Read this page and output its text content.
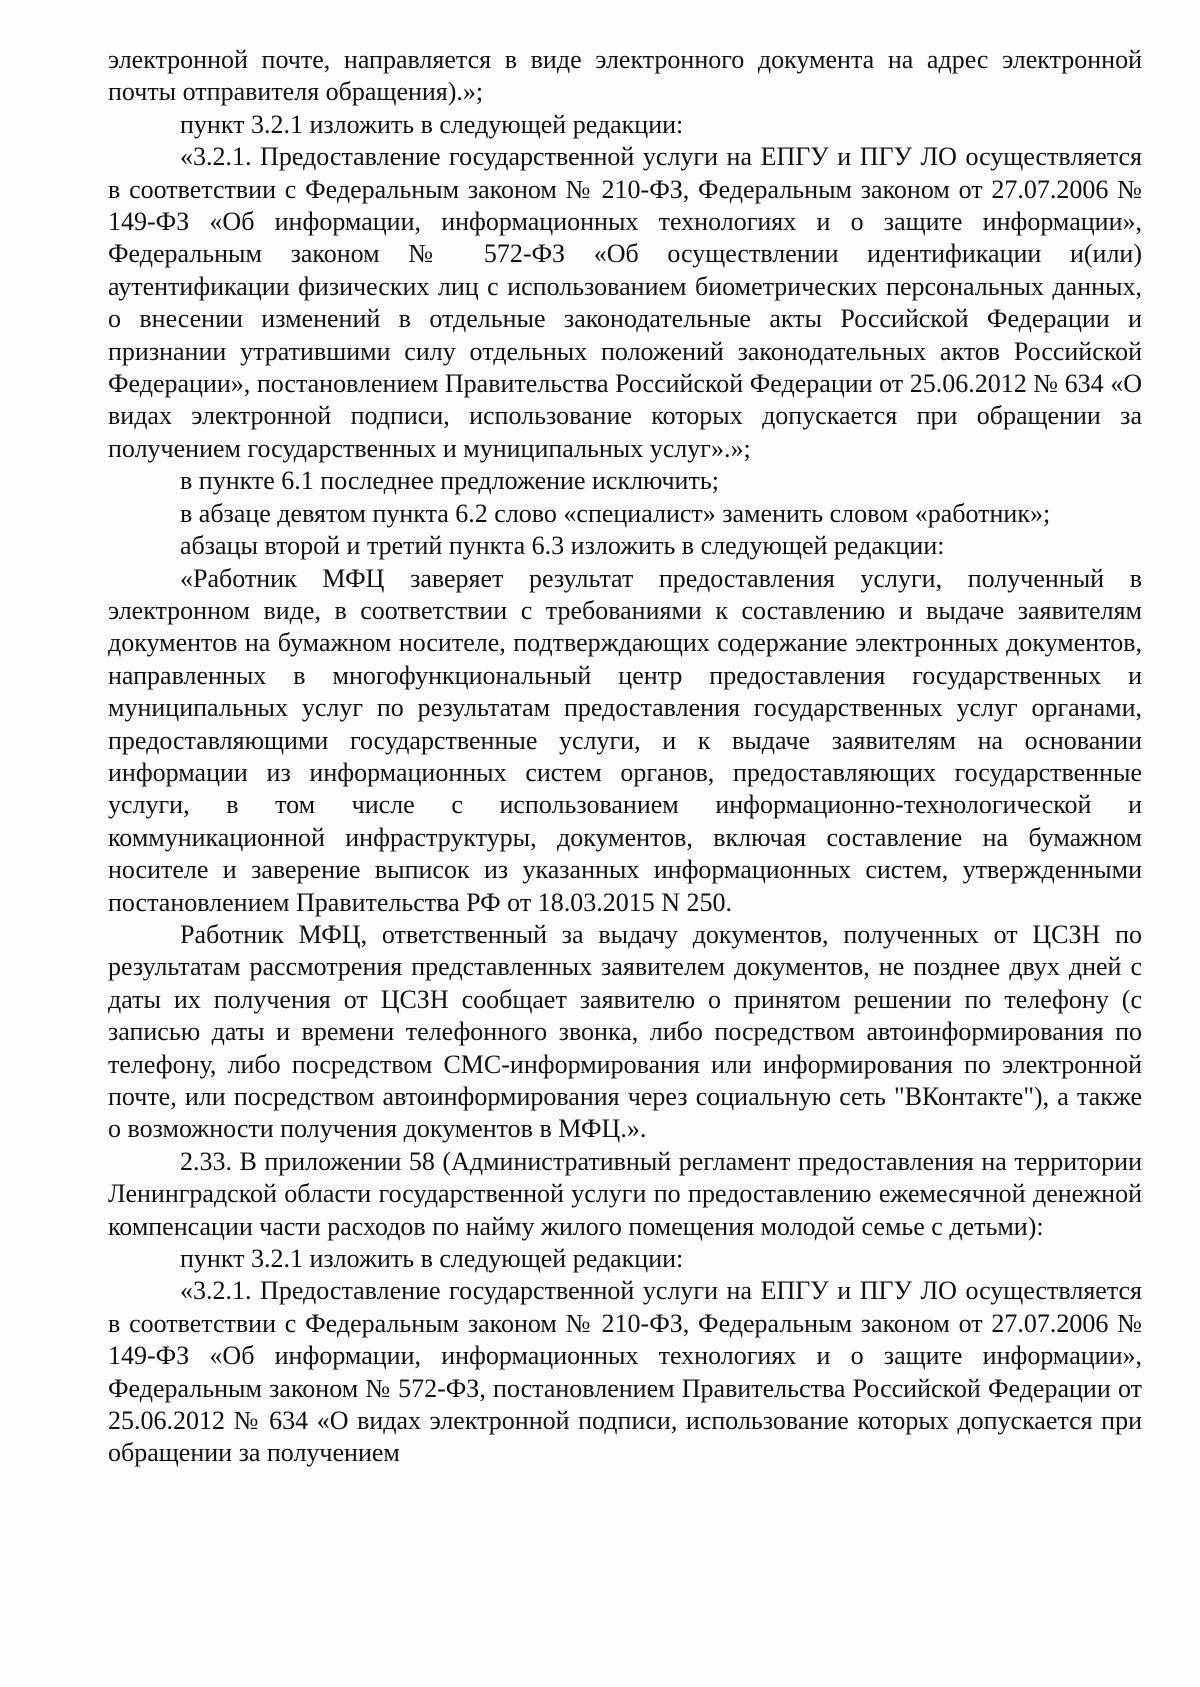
электронной почте, направляется в виде электронного документа на адрес электронной почты отправителя обращения).»;

пункт 3.2.1 изложить в следующей редакции:

«3.2.1. Предоставление государственной услуги на ЕПГУ и ПГУ ЛО осуществляется в соответствии с Федеральным законом № 210-ФЗ, Федеральным законом от 27.07.2006 № 149-ФЗ «Об информации, информационных технологиях и о защите информации», Федеральным законом № 572-ФЗ «Об осуществлении идентификации и(или) аутентификации физических лиц с использованием биометрических персональных данных, о внесении изменений в отдельные законодательные акты Российской Федерации и признании утратившими силу отдельных положений законодательных актов Российской Федерации», постановлением Правительства Российской Федерации от 25.06.2012 № 634 «О видах электронной подписи, использование которых допускается при обращении за получением государственных и муниципальных услуг».»;

в пункте 6.1 последнее предложение исключить;

в абзаце девятом пункта 6.2 слово «специалист» заменить словом «работник»;

абзацы второй и третий пункта 6.3 изложить в следующей редакции:

«Работник МФЦ заверяет результат предоставления услуги, полученный в электронном виде, в соответствии с требованиями к составлению и выдаче заявителям документов на бумажном носителе, подтверждающих содержание электронных документов, направленных в многофункциональный центр предоставления государственных и муниципальных услуг по результатам предоставления государственных услуг органами, предоставляющими государственные услуги, и к выдаче заявителям на основании информации из информационных систем органов, предоставляющих государственные услуги, в том числе с использованием информационно-технологической и коммуникационной инфраструктуры, документов, включая составление на бумажном носителе и заверение выписок из указанных информационных систем, утвержденными постановлением Правительства РФ от 18.03.2015 N 250.

Работник МФЦ, ответственный за выдачу документов, полученных от ЦСЗН по результатам рассмотрения представленных заявителем документов, не позднее двух дней с даты их получения от ЦСЗН сообщает заявителю о принятом решении по телефону (с записью даты и времени телефонного звонка, либо посредством автоинформирования по телефону, либо посредством СМС-информирования или информирования по электронной почте, или посредством автоинформирования через социальную сеть "ВКонтакте"), а также о возможности получения документов в МФЦ.».

2.33. В приложении 58 (Административный регламент предоставления на территории Ленинградской области государственной услуги по предоставлению ежемесячной денежной компенсации части расходов по найму жилого помещения молодой семье с детьми):

пункт 3.2.1 изложить в следующей редакции:

«3.2.1. Предоставление государственной услуги на ЕПГУ и ПГУ ЛО осуществляется в соответствии с Федеральным законом № 210-ФЗ, Федеральным законом от 27.07.2006 № 149-ФЗ «Об информации, информационных технологиях и о защите информации», Федеральным законом № 572-ФЗ, постановлением Правительства Российской Федерации от 25.06.2012 № 634 «О видах электронной подписи, использование которых допускается при обращении за получением
